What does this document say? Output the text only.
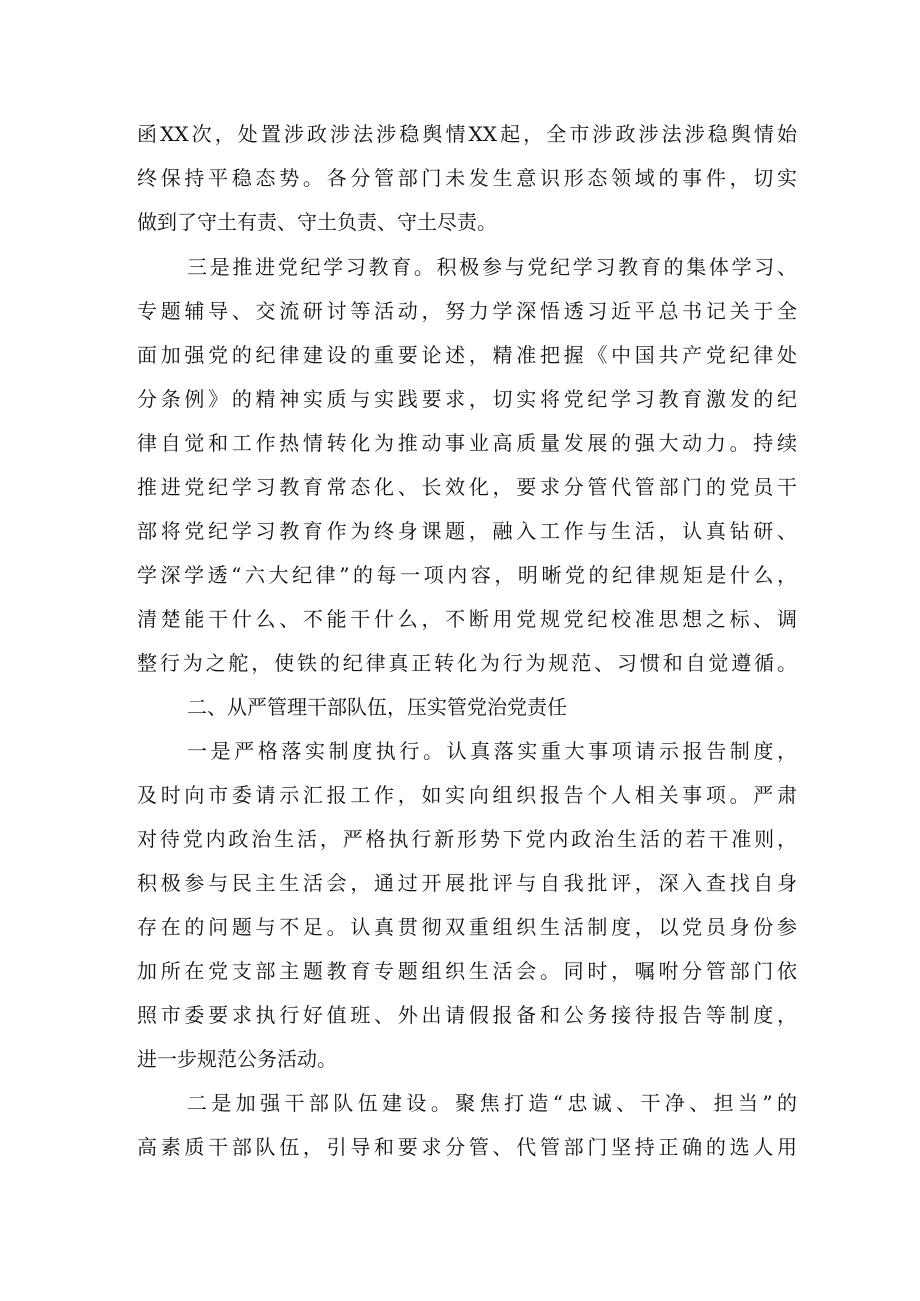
函XX次，处置涉政涉法涉稳舆情XX起，全市涉政涉法涉稳舆情始
终保持平稳态势。各分管部门未发生意识形态领域的事件，切实
做到了守土有责、守土负责、守土尽责。
三是推进党纪学习教育。积极参与党纪学习教育的集体学习、
专题辅导、交流研讨等活动，努力学深悟透习近平总书记关于全
面加强党的纪律建设的重要论述，精准把握《中国共产党纪律处
分条例》的精神实质与实践要求，切实将党纪学习教育激发的纪
律自觉和工作热情转化为推动事业高质量发展的强大动力。持续
推进党纪学习教育常态化、长效化，要求分管代管部门的党员干
部将党纪学习教育作为终身课题，融入工作与生活，认真钻研、
学深学透“六大纪律”的每一项内容，明晰党的纪律规矩是什么，
清楚能干什么、不能干什么，不断用党规党纪校准思想之标、调
整行为之舵，使铁的纪律真正转化为行为规范、习惯和自觉遵循。
二、从严管理干部队伍，压实管党治党责任
一是严格落实制度执行。认真落实重大事项请示报告制度，
及时向市委请示汇报工作，如实向组织报告个人相关事项。严肃
对待党内政治生活，严格执行新形势下党内政治生活的若干准则，
积极参与民主生活会，通过开展批评与自我批评，深入查找自身
存在的问题与不足。认真贯彻双重组织生活制度，以党员身份参
加所在党支部主题教育专题组织生活会。同时，嘱咐分管部门依
照市委要求执行好值班、外出请假报备和公务接待报告等制度，
进一步规范公务活动。
二是加强干部队伍建设。聚焦打造“忠诚、干净、担当”的
高素质干部队伍，引导和要求分管、代管部门坚持正确的选人用
